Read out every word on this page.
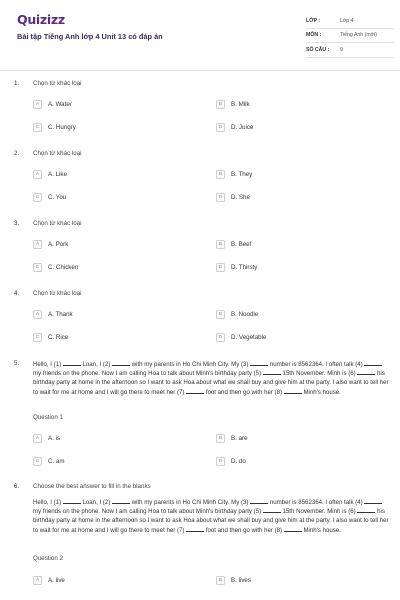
Quizizz
Bài tập Tiếng Anh lớp 4 Unit 13 có đáp án
LỚP :	Lớp 4
MÔN :	Tiếng Anh (mới)
SỐ CÂU :	9
1. Chọn từ khác loại
A	A. Water	B	B. Milk
C	C. Hungry	D	D. Juice
2. Chọn từ khác loại
A	A. Like	B	B. They
C	C. You	D	D. She
3. Chọn từ khác loại
A	A. Pork	B	B. Beef
C	C. Chicken	D	D. Thirsty
4. Chọn từ khác loại
A	A. Thank	B	B. Noodle
C	C. Rice	D	D. Vegetable
5. Hello, I (1)	Loan, I (2)	with my parents in Ho Chi Minh City. My (3)	number is 8562364. I often talk (4)  my friends on the phone. Now I am calling Hoa to talk about Minh's birthday party (5)	15th November. Minh is (6)	his birthday party at home in the afternoon so I want to ask Hoa about what we shall buy and give him at the party. I also want to tell her to wait for me at home and I will go there to meet her (7)	foot and then go with her (8)	Minh's house.
Question 1
A	A. is	B	B. are
C	C. am	D	D. do
6. Choose the best answer to fill in the blanks
Hello, I (1)	Loan, I (2)	with my parents in Ho Chi Minh City. My (3)	number is 8562364. I often talk (4)  my friends on the phone. Now I am calling Hoa to talk about Minh's birthday party (5)	15th November. Minh is (6)	his birthday party at home in the afternoon so I want to ask Hoa about what we shall buy and give him at the party. I also want to tell her to wait for me at home and I will go there to meet her (7)	foot and then go with her (8)	Minh's house.
Question 2
A	A. live	B	B. lives
